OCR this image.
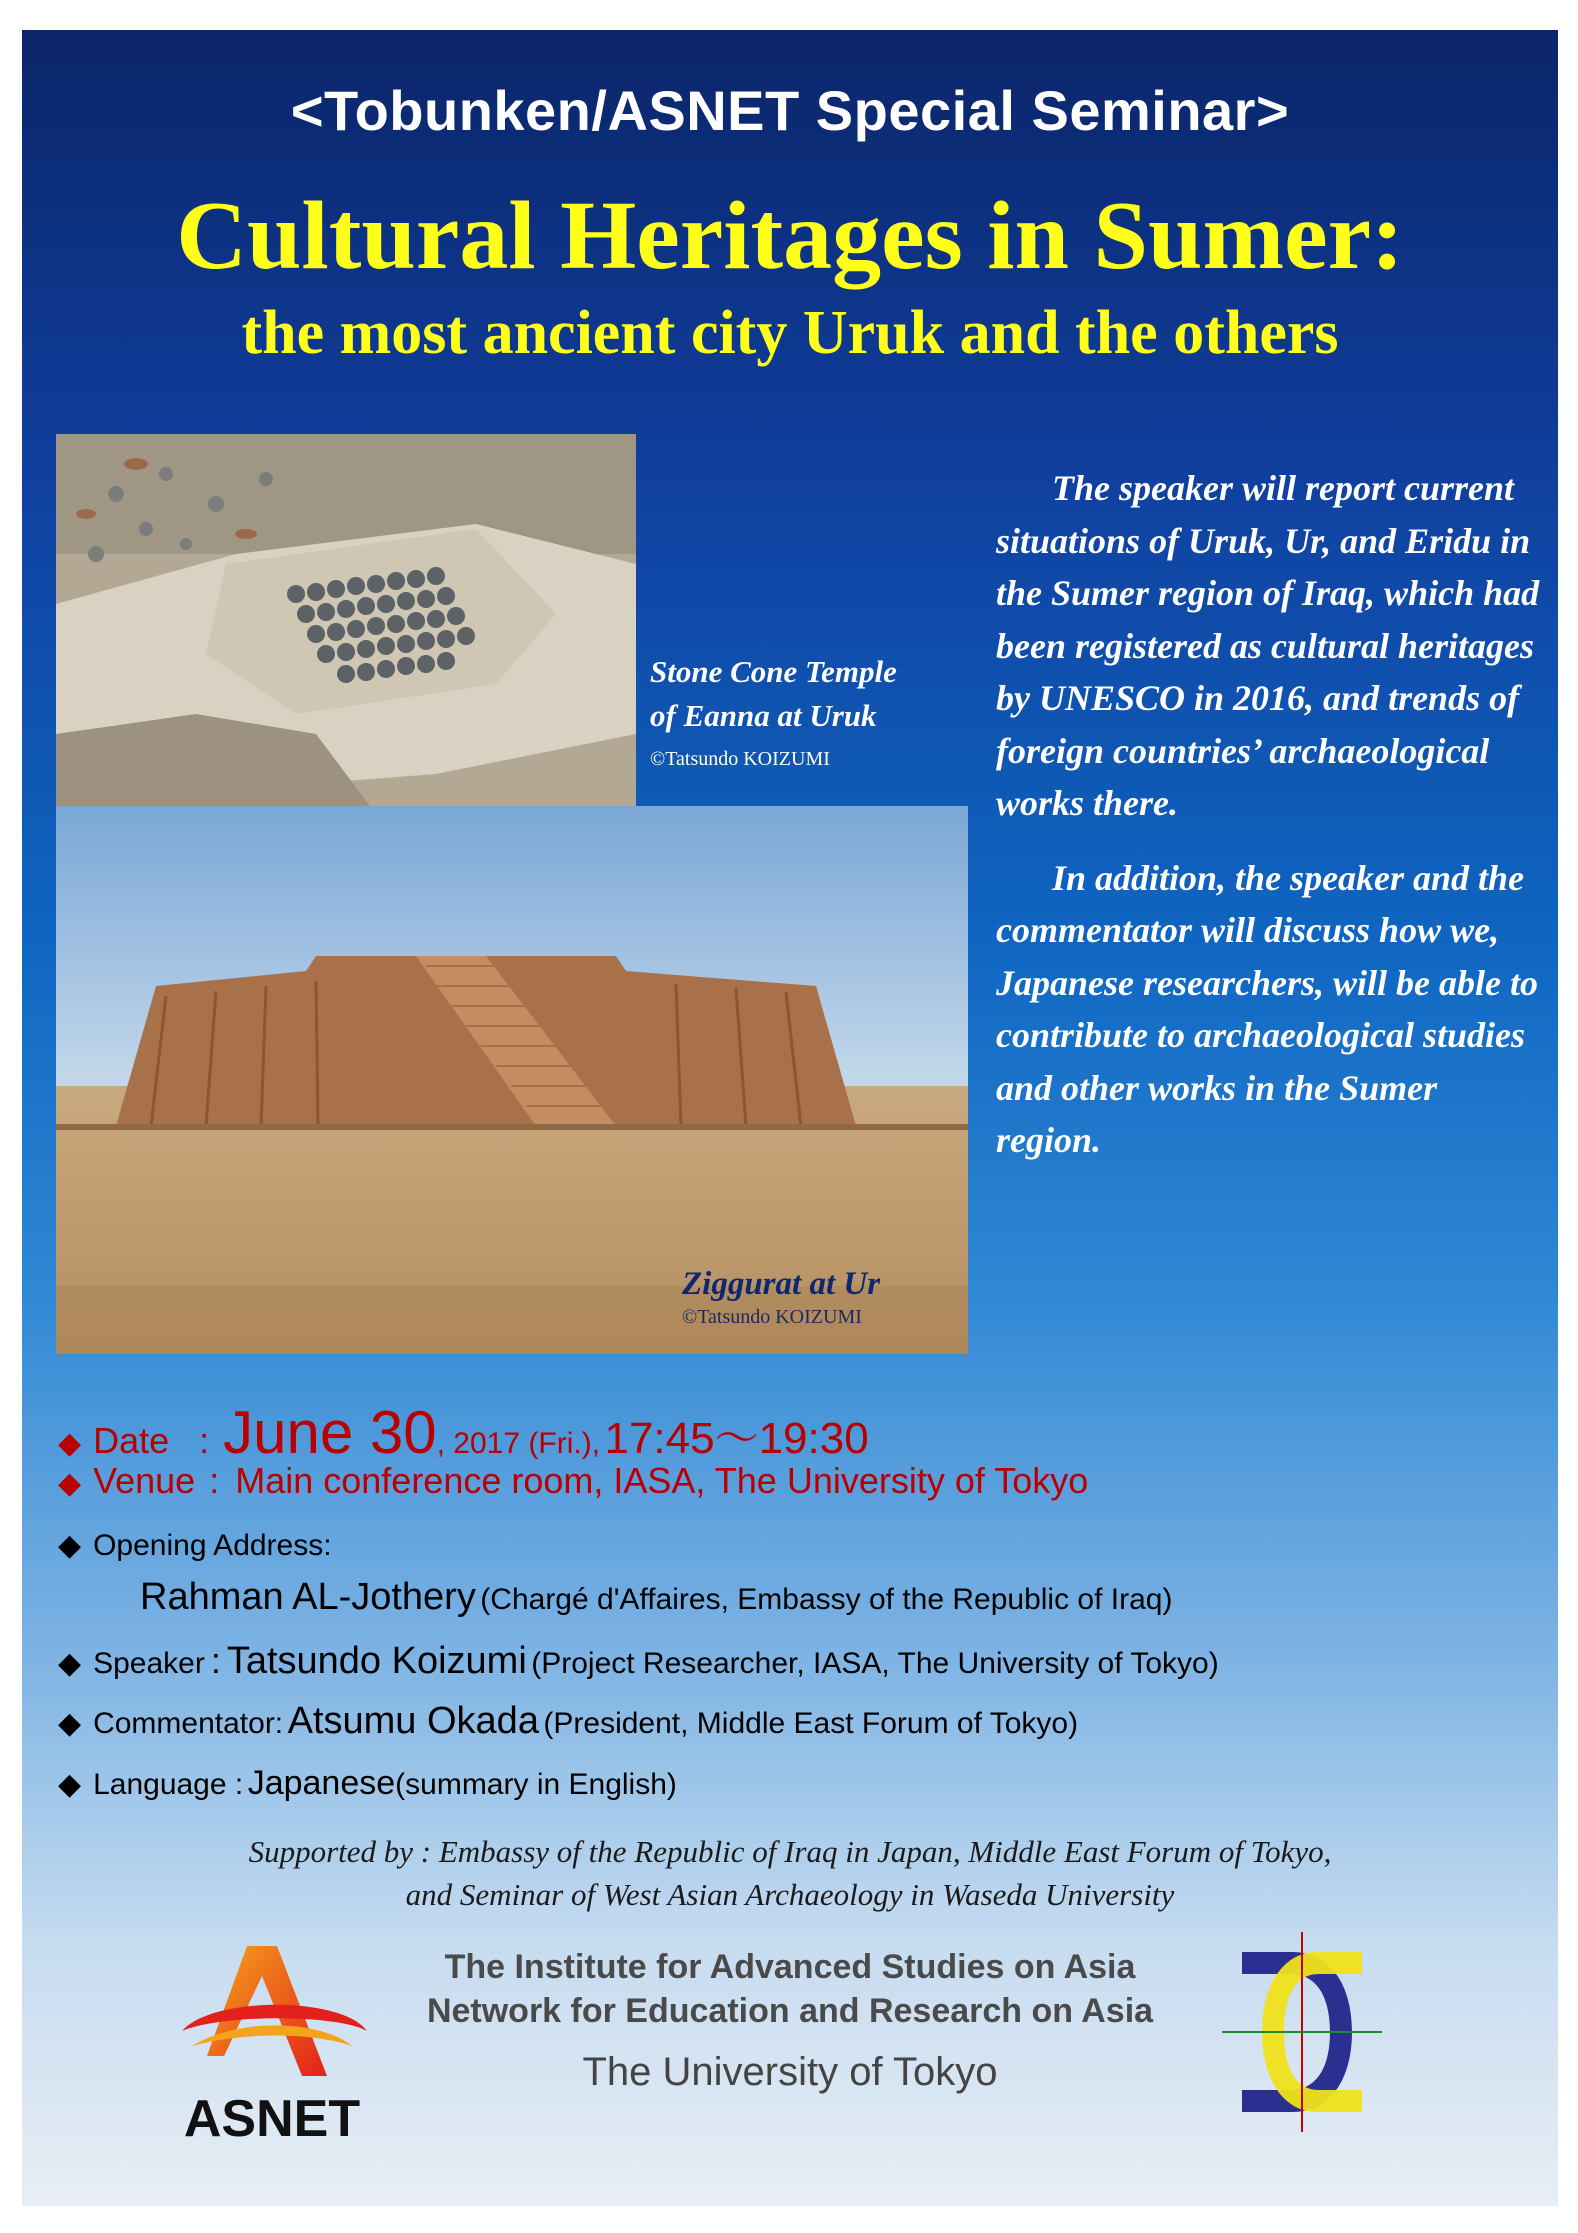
<Tobunken/ASNET Special Seminar>
Cultural Heritages in Sumer:
the most ancient city Uruk and the others
Stone Cone Temple
of Eanna at Uruk
©Tatsundo KOIZUMI
Ziggurat at Ur
©Tatsundo KOIZUMI

The speaker will report current situations of Uruk, Ur, and Eridu in the Sumer region of Iraq, which had been registered as cultural heritages by UNESCO in 2016, and trends of foreign countries’ archaeological works there.

In addition, the speaker and the commentator will discuss how we, Japanese researchers, will be able to contribute to archaeological studies and other works in the Sumer region.

◆ Date : June 30, 2017 (Fri.), 17:45～19:30
◆ Venue : Main conference room, IASA, The University of Tokyo
◆ Opening Address:
Rahman AL-Jothery (Chargé d'Affaires, Embassy of the Republic of Iraq)
◆ Speaker : Tatsundo Koizumi (Project Researcher, IASA, The University of Tokyo)
◆ Commentator: Atsumu Okada (President, Middle East Forum of Tokyo)
◆ Language : Japanese(summary in English)
Supported by : Embassy of the Republic of Iraq in Japan, Middle East Forum of Tokyo,
and Seminar of West Asian Archaeology in Waseda University
ASNET
The Institute for Advanced Studies on Asia
Network for Education and Research on Asia
The University of Tokyo
